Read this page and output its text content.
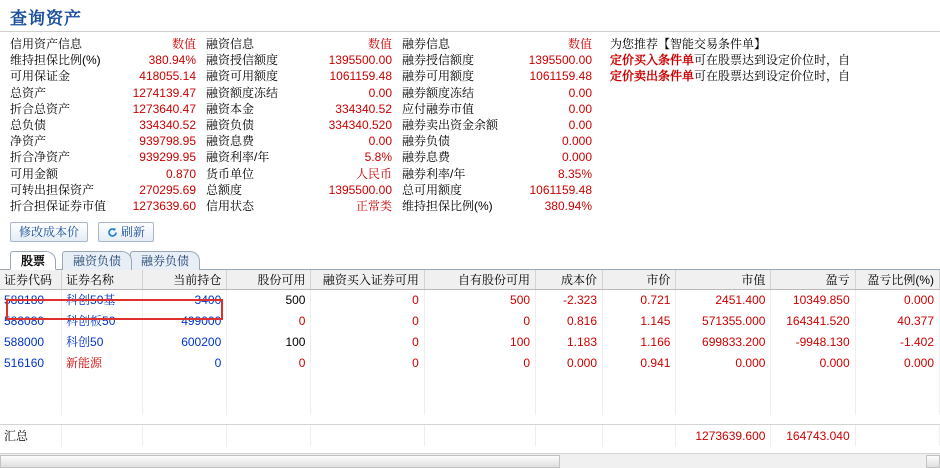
查询资产
信用资产信息	数值
维持担保比例(%)	380.94%
可用保证金	418055.14
总资产	1274139.47
折合总资产	1273640.47
总负债	334340.52
净资产	939798.95
折合净资产	939299.95
可用金额	0.870
可转出担保资产	270295.69
折合担保证券市值	1273639.60
融资信息	数值
融资授信额度	1395500.00
融资可用额度	1061159.48
融资额度冻结	0.00
融资本金	334340.52
融资负债	334340.520
融资息费	0.00
融资利率/年	5.8%
货币单位	人民币
总额度	1395500.00
信用状态	正常类
融券信息	数值
融券授信额度	1395500.00
融券可用额度	1061159.48
融券额度冻结	0.00
应付融券市值	0.00
融券卖出资金余额	0.00
融券负债	0.000
融券息费	0.000
融券利率/年	8.35%
总可用额度	1061159.48
维持担保比例(%)	380.94%
为您推荐【智能交易条件单】
定价买入条件单可在股票达到设定价位时，自
定价卖出条件单可在股票达到设定价位时，自
修改成本价	刷新
股票	融资负债	融券负债
证券代码	证券名称	当前持仓	股份可用	融资买入证券可用	自有股份可用	成本价	市价	市值	盈亏	盈亏比例(%)
588180	科创50基	3400	500	0	500	-2.323	0.721	2451.400	10349.850	0.000
588080	科创板50	499000	0	0	0	0.816	1.145	571355.000	164341.520	40.377
588000	科创50	600200	100	0	100	1.183	1.166	699833.200	-9948.130	-1.402
516160	新能源	0	0	0	0	0.000	0.941	0.000	0.000	0.000

汇总								1273639.600	164743.040	
